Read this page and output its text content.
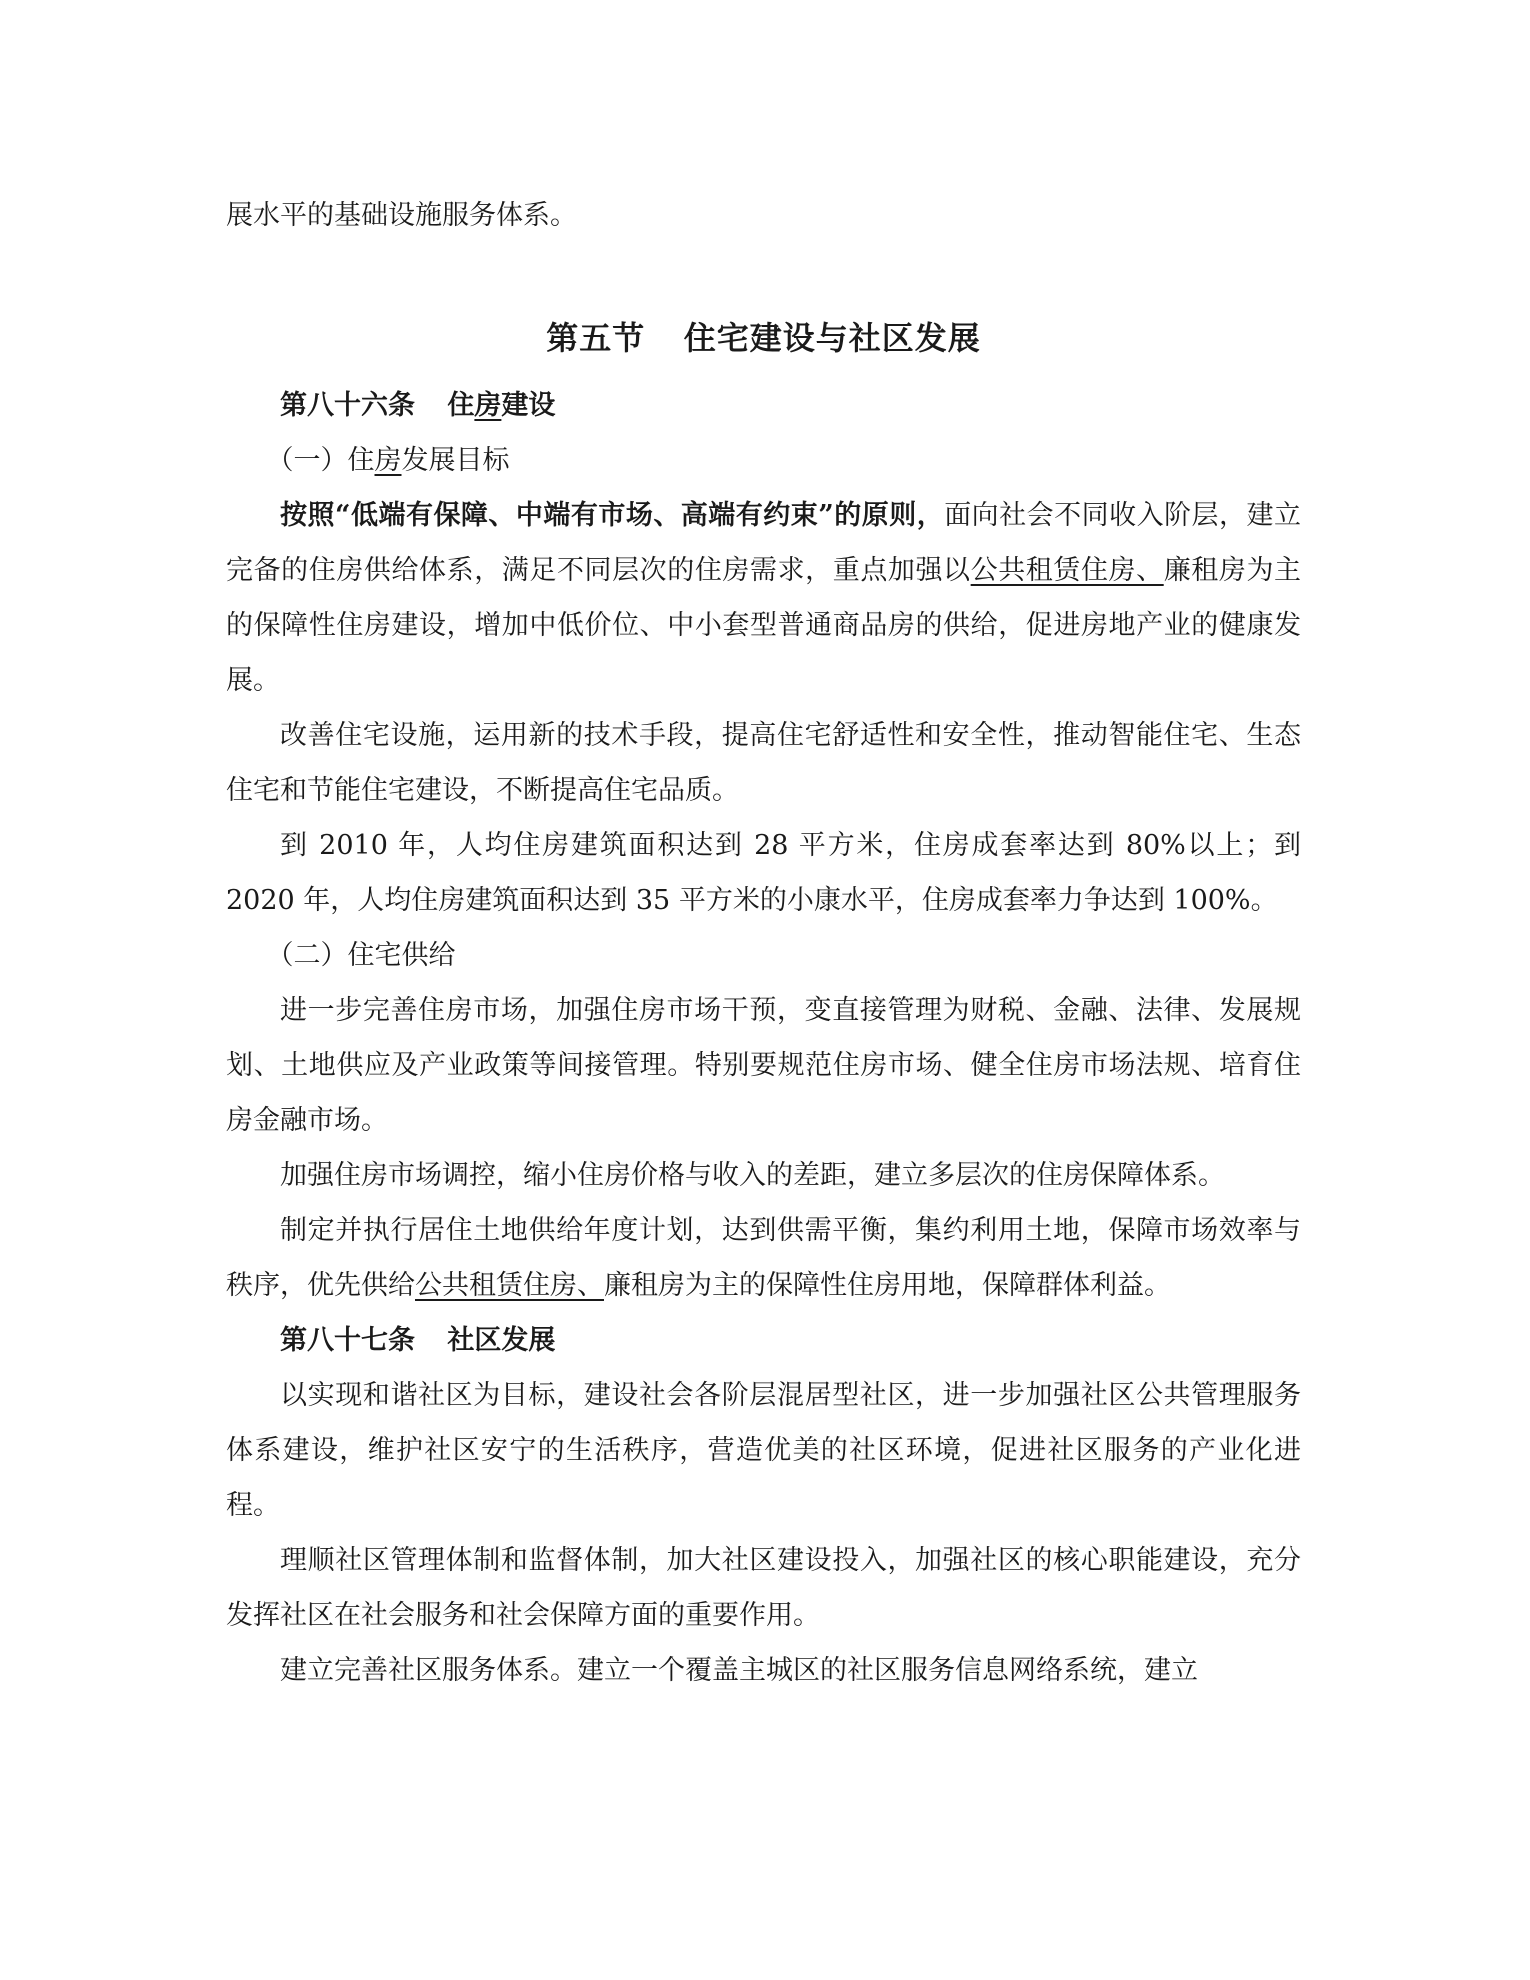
展水平的基础设施服务体系。

第五节 住宅建设与社区发展

第八十六条 住房建设

（一）住房发展目标

按照“低端有保障、中端有市场、高端有约束”的原则，面向社会不同收入阶层，建立完备的住房供给体系，满足不同层次的住房需求，重点加强以公共租赁住房、廉租房为主的保障性住房建设，增加中低价位、中小套型普通商品房的供给，促进房地产业的健康发展。

改善住宅设施，运用新的技术手段，提高住宅舒适性和安全性，推动智能住宅、生态住宅和节能住宅建设，不断提高住宅品质。

到 2010 年，人均住房建筑面积达到 28 平方米，住房成套率达到 80%以上；到 2020 年，人均住房建筑面积达到 35 平方米的小康水平，住房成套率力争达到 100%。

（二）住宅供给

进一步完善住房市场，加强住房市场干预，变直接管理为财税、金融、法律、发展规划、土地供应及产业政策等间接管理。特别要规范住房市场、健全住房市场法规、培育住房金融市场。

加强住房市场调控，缩小住房价格与收入的差距，建立多层次的住房保障体系。

制定并执行居住土地供给年度计划，达到供需平衡，集约利用土地，保障市场效率与秩序，优先供给公共租赁住房、廉租房为主的保障性住房用地，保障群体利益。

第八十七条 社区发展

以实现和谐社区为目标，建设社会各阶层混居型社区，进一步加强社区公共管理服务体系建设，维护社区安宁的生活秩序，营造优美的社区环境，促进社区服务的产业化进程。

理顺社区管理体制和监督体制，加大社区建设投入，加强社区的核心职能建设，充分发挥社区在社会服务和社会保障方面的重要作用。

建立完善社区服务体系。建立一个覆盖主城区的社区服务信息网络系统，建立
